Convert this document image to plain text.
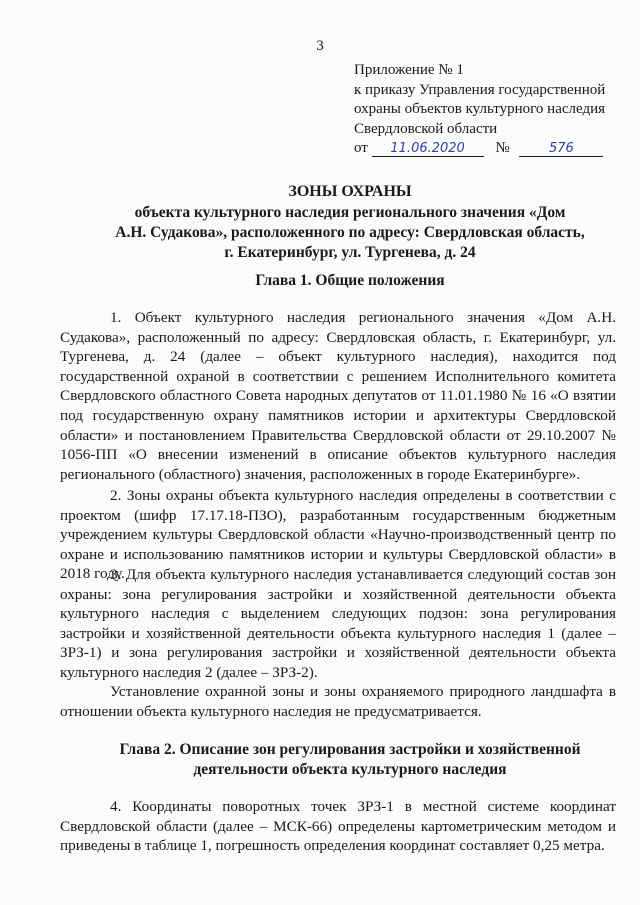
3
Приложение № 1
к приказу Управления государственной
охраны объектов культурного наследия
Свердловской области
от 11.06.2020 №	576
ЗОНЫ ОХРАНЫ
объекта культурного наследия регионального значения «Дом
А.Н. Судакова», расположенного по адресу: Свердловская область,
г. Екатеринбург, ул. Тургенева, д. 24
Глава 1. Общие положения
1. Объект культурного наследия регионального значения «Дом А.Н. Судакова», расположенный по адресу: Свердловская область, г. Екатеринбург, ул. Тургенева, д. 24 (далее – объект культурного наследия), находится под государственной охраной в соответствии с решением Исполнительного комитета Свердловского областного Совета народных депутатов от 11.01.1980 № 16 «О взятии под государственную охрану памятников истории и архитектуры Свердловской области» и постановлением Правительства Свердловской области от 29.10.2007 № 1056-ПП «О внесении изменений в описание объектов культурного наследия регионального (областного) значения, расположенных в городе Екатеринбурге».
2. Зоны охраны объекта культурного наследия определены в соответствии с проектом (шифр 17.17.18-ПЗО), разработанным государственным бюджетным учреждением культуры Свердловской области «Научно-производственный центр по охране и использованию памятников истории и культуры Свердловской области» в 2018 году.
3. Для объекта культурного наследия устанавливается следующий состав зон охраны: зона регулирования застройки и хозяйственной деятельности объекта культурного наследия с выделением следующих подзон: зона регулирования застройки и хозяйственной деятельности объекта культурного наследия 1 (далее – ЗРЗ-1) и зона регулирования застройки и хозяйственной деятельности объекта культурного наследия 2 (далее – ЗРЗ-2).
Установление охранной зоны и зоны охраняемого природного ландшафта в отношении объекта культурного наследия не предусматривается.
Глава 2. Описание зон регулирования застройки и хозяйственной
деятельности объекта культурного наследия
4. Координаты поворотных точек ЗРЗ-1 в местной системе координат Свердловской области (далее – МСК-66) определены картометрическим методом и приведены в таблице 1, погрешность определения координат составляет 0,25 метра.
